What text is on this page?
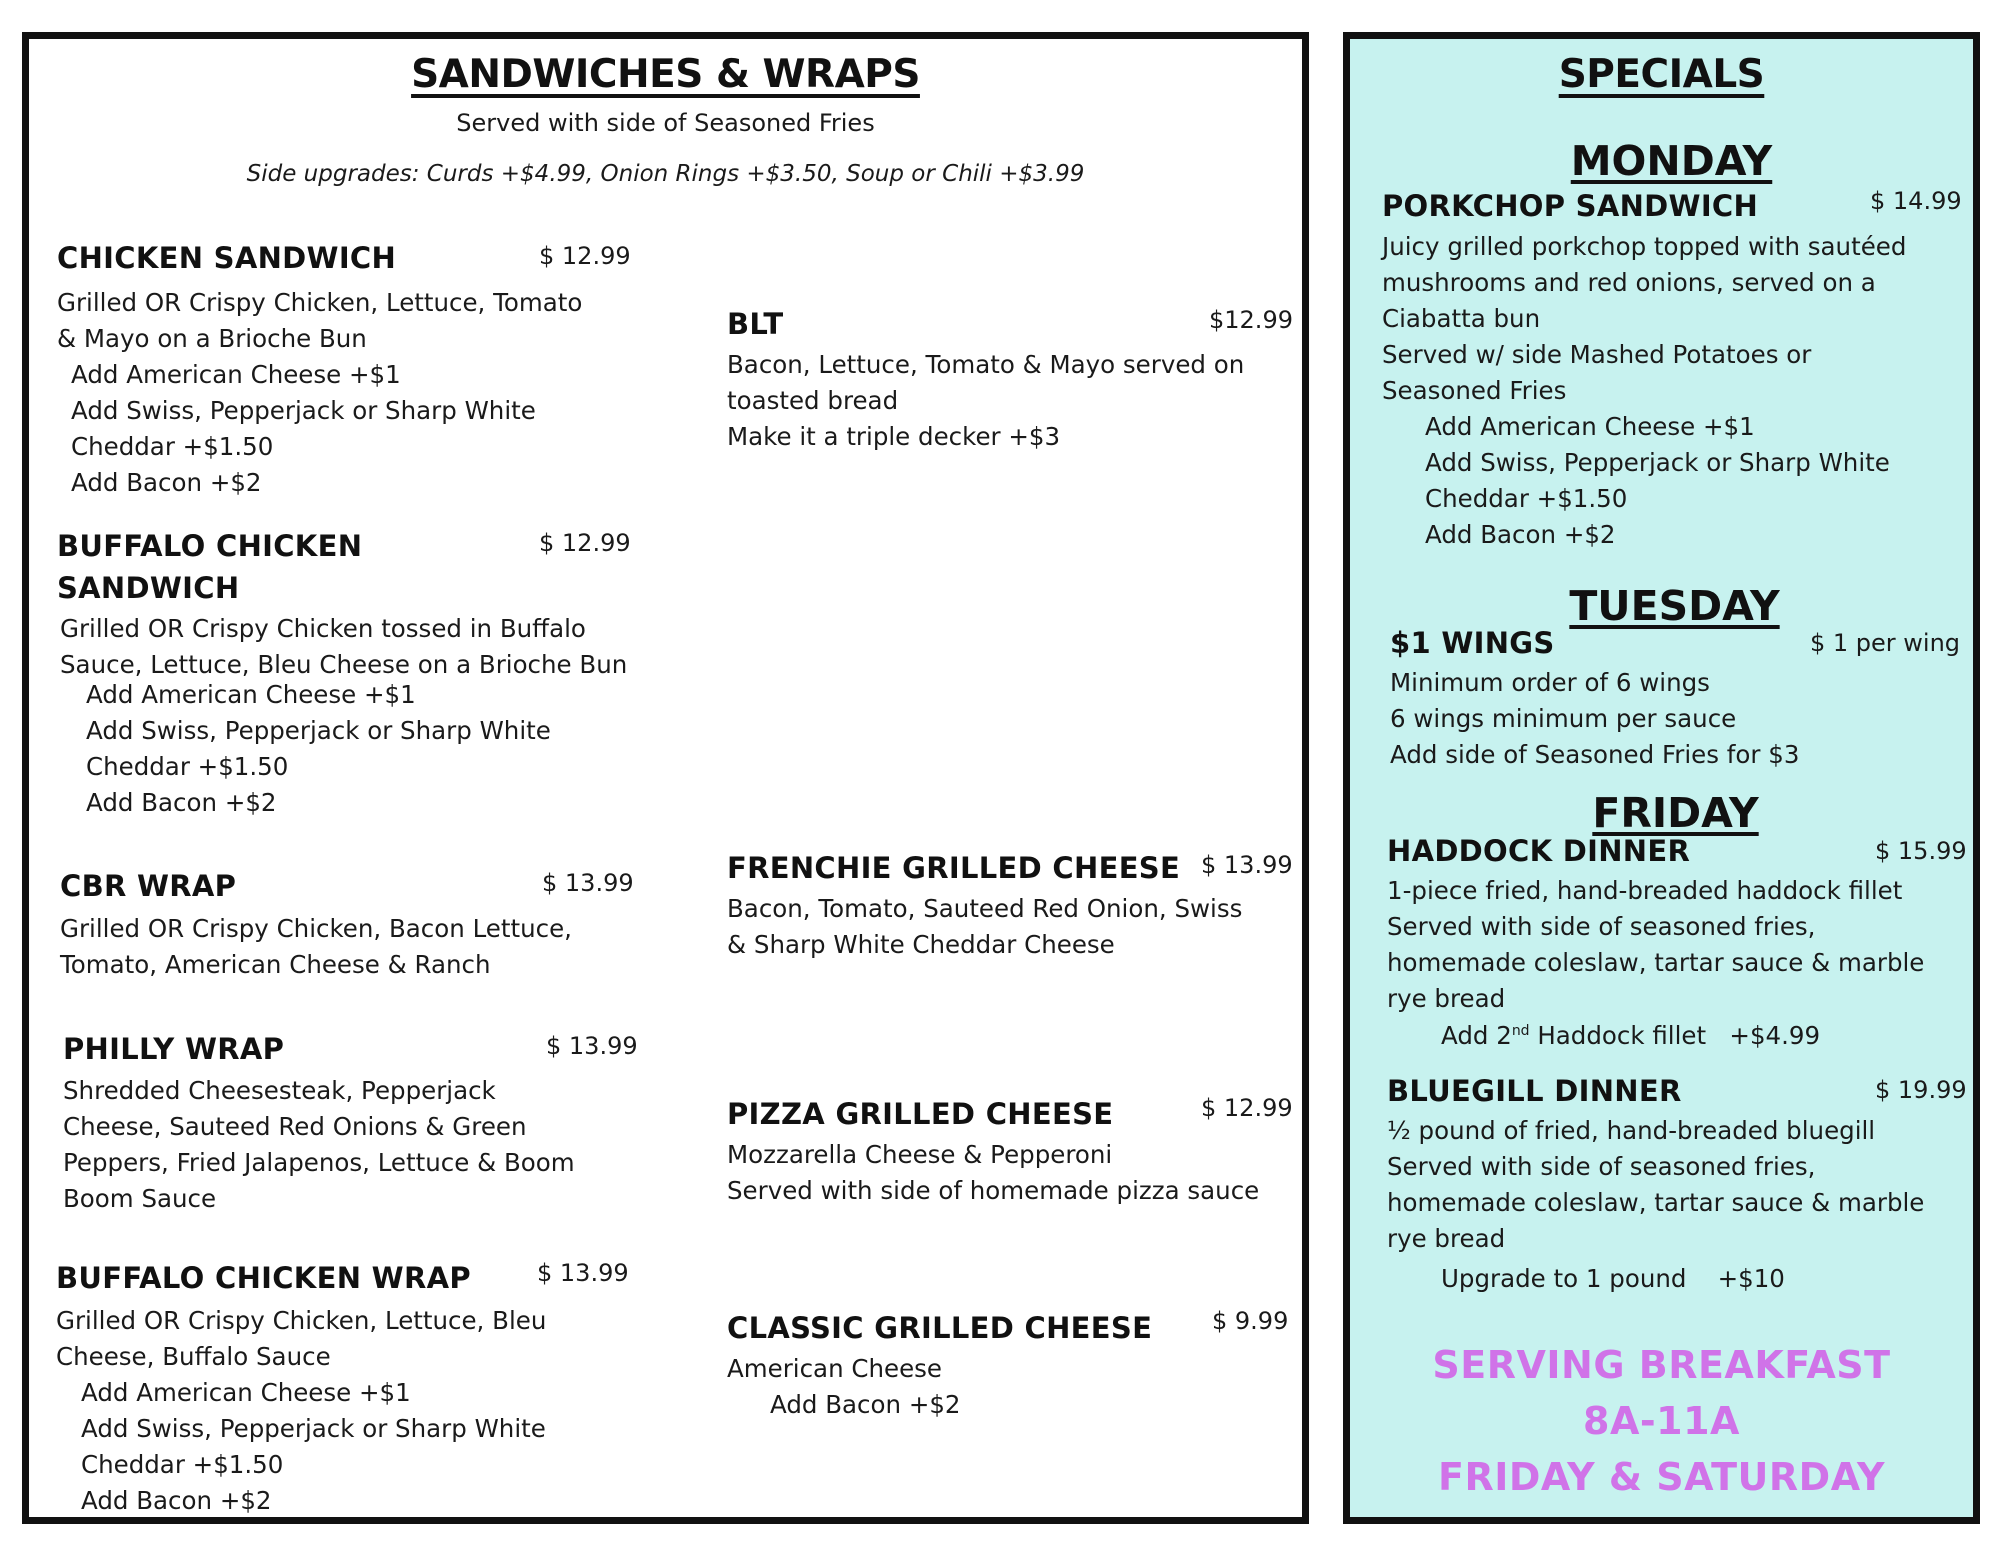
SANDWICHES & WRAPS
Served with side of Seasoned Fries
Side upgrades: Curds +$4.99, Onion Rings +$3.50, Soup or Chili +$3.99
CHICKEN SANDWICH	$ 12.99
Grilled OR Crispy Chicken, Lettuce, Tomato
& Mayo on a Brioche Bun
Add American Cheese +$1
Add Swiss, Pepperjack or Sharp White
Cheddar +$1.50
Add Bacon +$2
BUFFALO CHICKEN
SANDWICH
$ 12.99
Grilled OR Crispy Chicken tossed in Buffalo
Sauce, Lettuce, Bleu Cheese on a Brioche Bun
Add American Cheese +$1
Add Swiss, Pepperjack or Sharp White
Cheddar +$1.50
Add Bacon +$2
CBR WRAP	$ 13.99
Grilled OR Crispy Chicken, Bacon Lettuce,
Tomato, American Cheese & Ranch
PHILLY WRAP	$ 13.99
Shredded Cheesesteak, Pepperjack
Cheese, Sauteed Red Onions & Green
Peppers, Fried Jalapenos, Lettuce & Boom
Boom Sauce
BUFFALO CHICKEN WRAP	$ 13.99
Grilled OR Crispy Chicken, Lettuce, Bleu
Cheese, Buffalo Sauce
Add American Cheese +$1
Add Swiss, Pepperjack or Sharp White
Cheddar +$1.50
Add Bacon +$2
BLT	$12.99
Bacon, Lettuce, Tomato & Mayo served on
toasted bread
Make it a triple decker +$3
FRENCHIE GRILLED CHEESE $ 13.99
Bacon, Tomato, Sauteed Red Onion, Swiss
& Sharp White Cheddar Cheese
PIZZA GRILLED CHEESE	$ 12.99
Mozzarella Cheese & Pepperoni
Served with side of homemade pizza sauce
CLASSIC GRILLED CHEESE $ 9.99
American Cheese
Add Bacon +$2
SPECIALS
MONDAY
PORKCHOP SANDWICH	$ 14.99
Juicy grilled porkchop topped with sautéed
mushrooms and red onions, served on a
Ciabatta bun
Served w/ side Mashed Potatoes or
Seasoned Fries
Add American Cheese +$1
Add Swiss, Pepperjack or Sharp White
Cheddar +$1.50
Add Bacon +$2
TUESDAY
$1 WINGS	$ 1 per wing
Minimum order of 6 wings
6 wings minimum per sauce
Add side of Seasoned Fries for $3
FRIDAY
HADDOCK DINNER	$ 15.99
1-piece fried, hand-breaded haddock fillet
Served with side of seasoned fries,
homemade coleslaw, tartar sauce & marble
rye bread
Add 2nd Haddock fillet   +$4.99
BLUEGILL DINNER	$ 19.99
½ pound of fried, hand-breaded bluegill
Served with side of seasoned fries,
homemade coleslaw, tartar sauce & marble
rye bread
Upgrade to 1 pound    +$10
SERVING BREAKFAST
8A-11A
FRIDAY & SATURDAY
